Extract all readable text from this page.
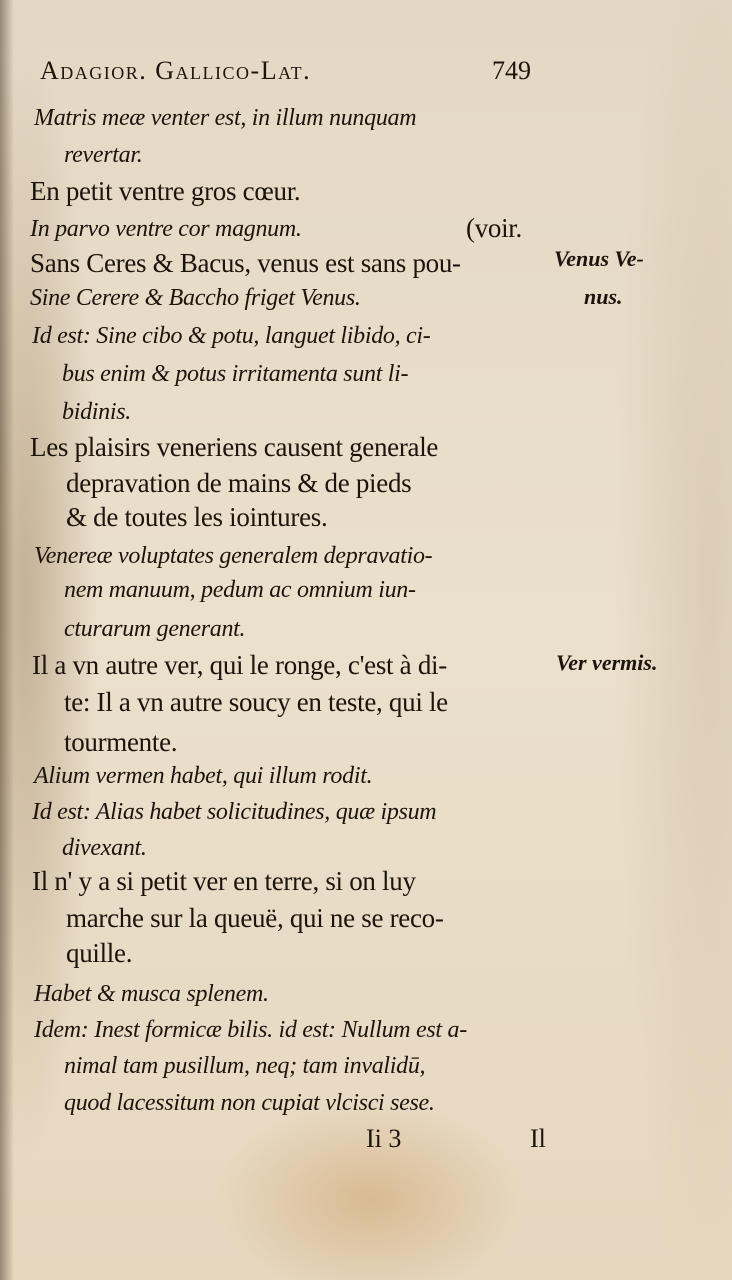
Adagior. Gallico-Lat.	749
Matris meæ venter est, in illum nunquam
revertar.
En petit ventre gros cœur.
In parvo ventre cor magnum.	(voir.
Sans Ceres & Bacus, venus est sans pou-
Sine Cerere & Baccho friget Venus.
Id est: Sine cibo & potu, languet libido, ci-
bus enim & potus irritamenta sunt li-
bidinis.
Les plaisirs veneriens causent generale
depravation de mains & de pieds
& de toutes les iointures.
Venereæ voluptates generalem depravatio-
nem manuum, pedum ac omnium iun-
cturarum generant.
Il a vn autre ver, qui le ronge, c'est à di-
te: Il a vn autre soucy en teste, qui le
tourmente.
Alium vermen habet, qui illum rodit.
Id est: Alias habet solicitudines, quæ ipsum
divexant.
Il n' y a si petit ver en terre, si on luy
marche sur la queuë, qui ne se reco-
quille.
Habet & musca splenem.
Idem: Inest formicæ bilis. id est: Nullum est a-
nimal tam pusillum, neq; tam invalidū,
quod lacessitum non cupiat vlcisci sese.
Venus Ve-
nus.
Ver vermis.
Ii 3	Il
